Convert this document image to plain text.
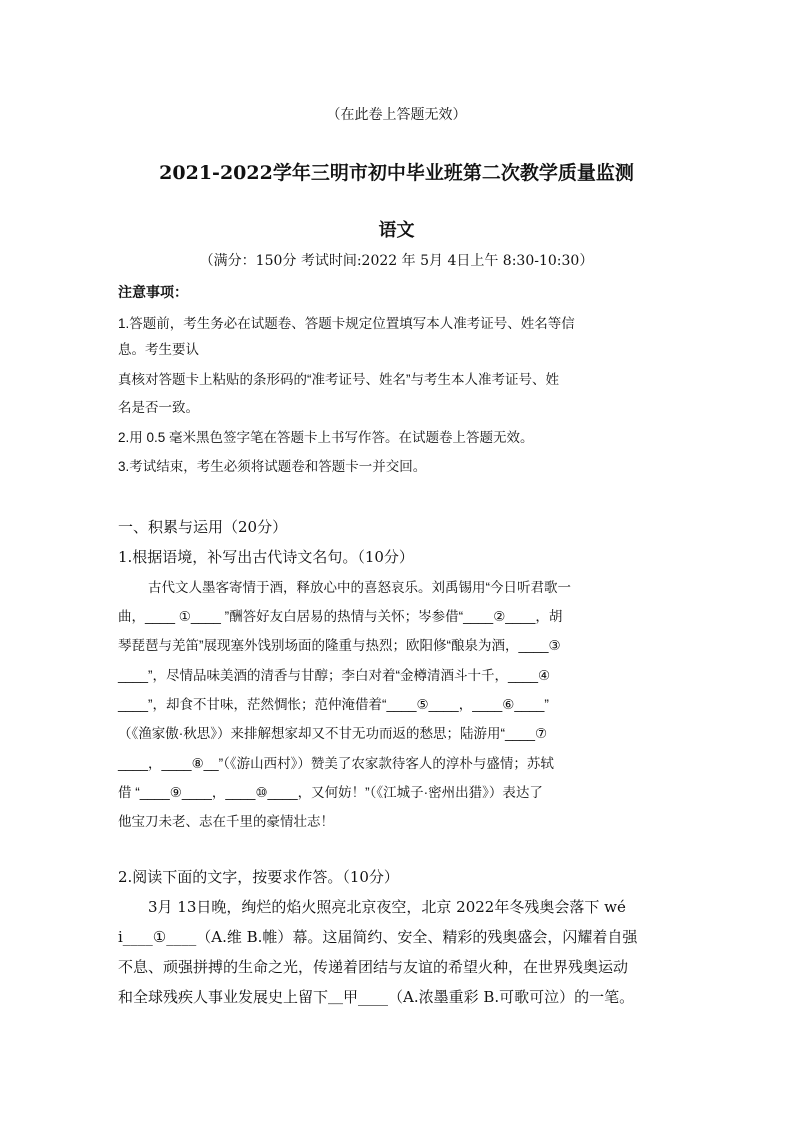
（在此卷上答题无效）
2021-2022学年三明市初中毕业班第二次教学质量监测
语文
（满分：150分 考试时间:2022 年 5月 4日上午 8:30-10:30）
注意事项：
1.答题前，考生务必在试题卷、答题卡规定位置填写本人准考证号、姓名等信
息。考生要认
真核对答题卡上粘贴的条形码的“准考证号、姓名”与考生本人准考证号、姓
名是否一致。
2.用 0.5 毫米黑色签字笔在答题卡上书写作答。在试题卷上答题无效。
3.考试结束，考生必须将试题卷和答题卡一并交回。
一、积累与运用（20分）
1.根据语境，补写出古代诗文名句。（10分）
古代文人墨客寄情于酒，释放心中的喜怒哀乐。刘禹锡用“今日听君歌一
曲，____ ①____ ”酬答好友白居易的热情与关怀；岑参借“____②____，胡
琴琵琶与羌笛”展现塞外饯别场面的隆重与热烈；欧阳修“酿泉为酒，____③
____”，尽情品味美酒的清香与甘醇；李白对着“金樽清酒斗十千，____④
____”，却食不甘味，茫然惆怅；范仲淹借着“____⑤____，____⑥____”
（《渔家傲·秋思》）来排解想家却又不甘无功而返的愁思；陆游用“____⑦
____，____⑧__”（《游山西村》）赞美了农家款待客人的淳朴与盛情；苏轼
借 “____⑨____，____⑩____，又何妨！”（《江城子·密州出猎》）表达了
他宝刀未老、志在千里的豪情壮志！
2.阅读下面的文字，按要求作答。（10分）
3月 13日晚，绚烂的焰火照亮北京夜空，北京 2022年冬残奥会落下 wé
i____①____（A.维 B.帷）幕。这届简约、安全、精彩的残奥盛会，闪耀着自强
不息、顽强拼搏的生命之光，传递着团结与友谊的希望火种，在世界残奥运动
和全球残疾人事业发展史上留下＿甲____（A.浓墨重彩 B.可歌可泣）的一笔。
